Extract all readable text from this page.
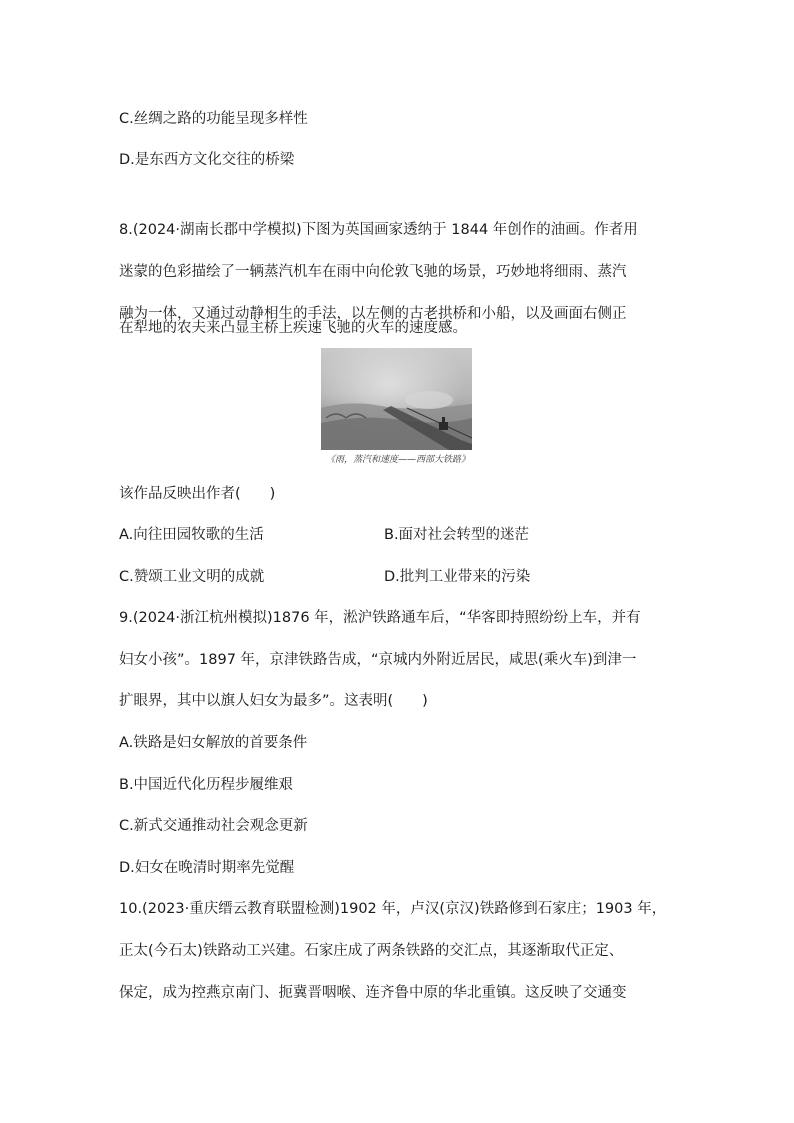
C.丝绸之路的功能呈现多样性
D.是东西方文化交往的桥梁
8.(2024·湖南长郡中学模拟)下图为英国画家透纳于 1844 年创作的油画。作者用
迷蒙的色彩描绘了一辆蒸汽机车在雨中向伦敦飞驰的场景，巧妙地将细雨、蒸汽
融为一体，又通过动静相生的手法，以左侧的古老拱桥和小船，以及画面右侧正
在犁地的农夫来凸显主桥上疾速飞驰的火车的速度感。
《雨，蒸汽和速度——西部大铁路》
该作品反映出作者(　　)
A.向往田园牧歌的生活	B.面对社会转型的迷茫
C.赞颂工业文明的成就	D.批判工业带来的污染
9.(2024·浙江杭州模拟)1876 年，淞沪铁路通车后，“华客即持照纷纷上车，并有
妇女小孩”。1897 年，京津铁路告成，“京城内外附近居民，咸思(乘火车)到津一
扩眼界，其中以旗人妇女为最多”。这表明(　　)
A.铁路是妇女解放的首要条件
B.中国近代化历程步履维艰
C.新式交通推动社会观念更新
D.妇女在晚清时期率先觉醒
10.(2023·重庆缙云教育联盟检测)1902 年，卢汉(京汉)铁路修到石家庄；1903 年，
正太(今石太)铁路动工兴建。石家庄成了两条铁路的交汇点，其逐渐取代正定、
保定，成为控燕京南门、扼冀晋咽喉、连齐鲁中原的华北重镇。这反映了交通变
